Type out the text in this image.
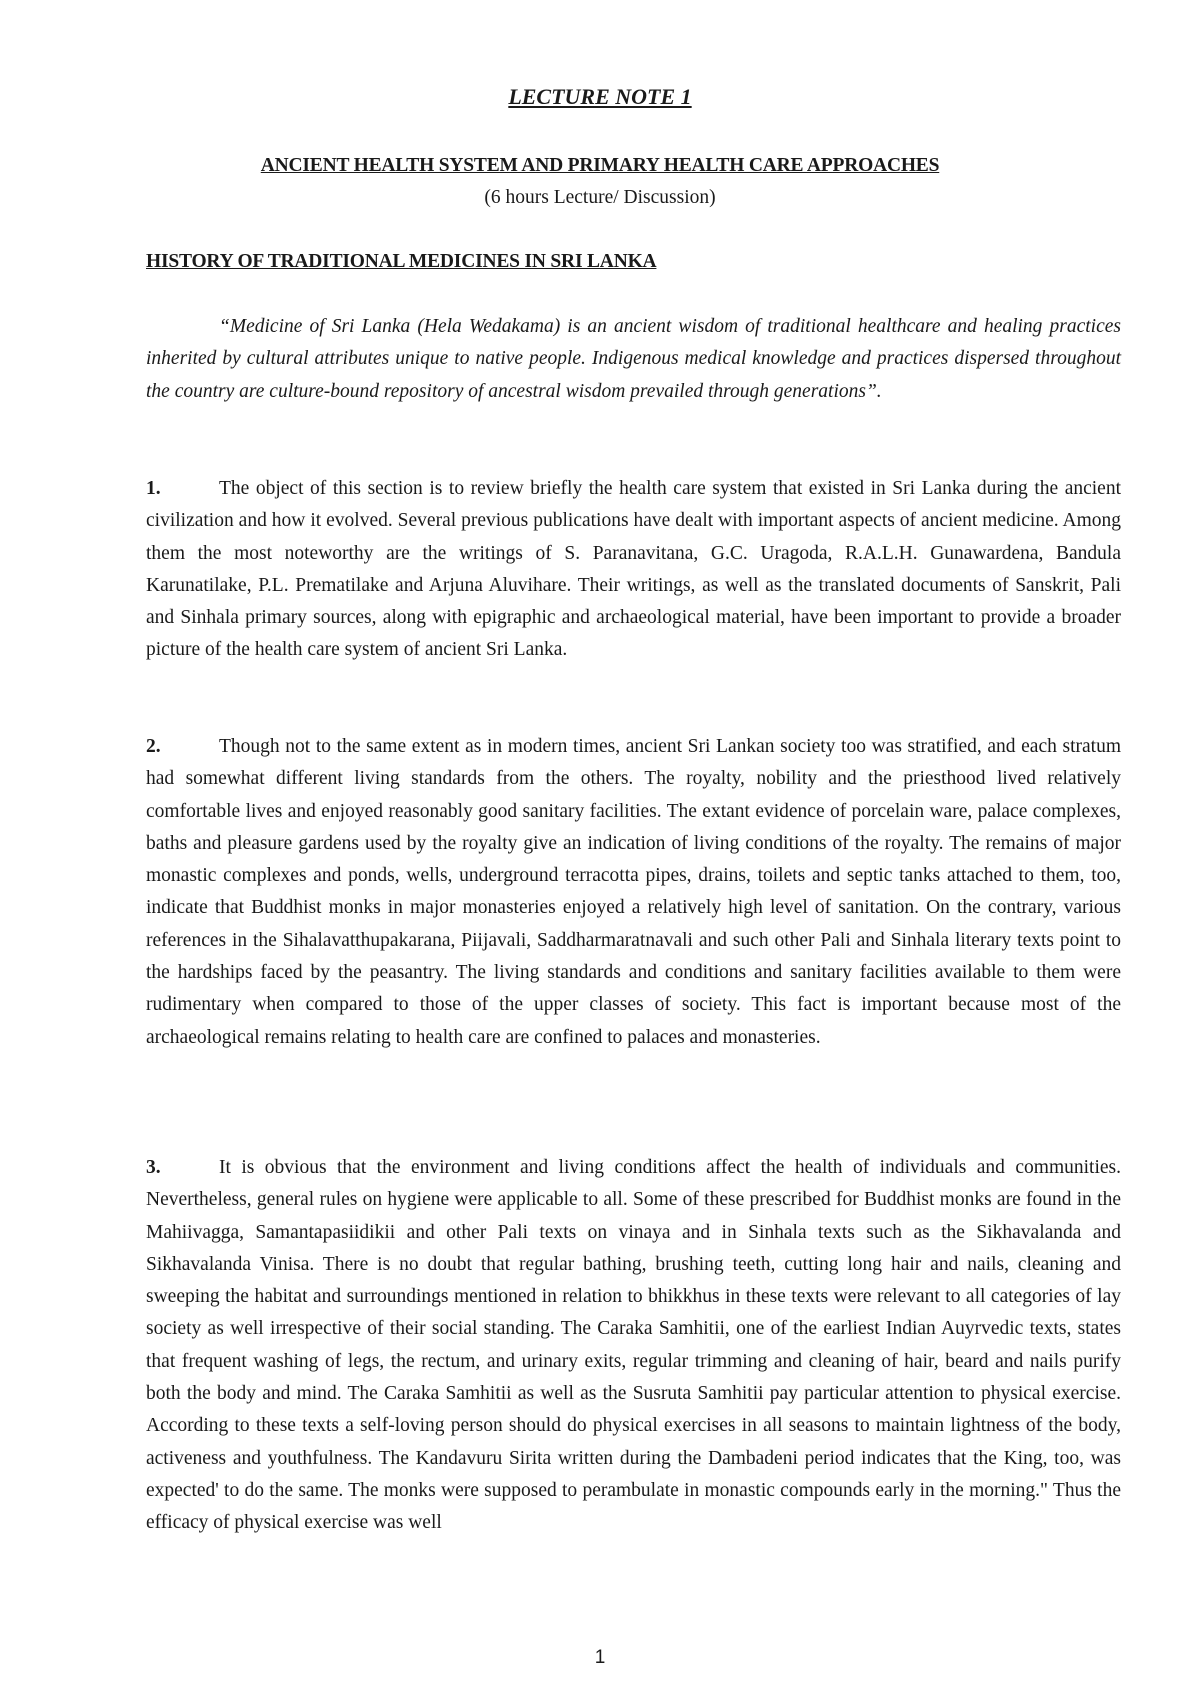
LECTURE NOTE 1
ANCIENT HEALTH SYSTEM AND PRIMARY HEALTH CARE APPROACHES

(6 hours Lecture/ Discussion)

HISTORY OF TRADITIONAL MEDICINES IN SRI LANKA

“Medicine of Sri Lanka (Hela Wedakama) is an ancient wisdom of traditional healthcare and healing practices inherited by cultural attributes unique to native people. Indigenous medical knowledge and practices dispersed throughout the country are culture-bound repository of ancestral wisdom prevailed through generations”.

1.	The object of this section is to review briefly the health care system that existed in Sri Lanka during the ancient civilization and how it evolved. Several previous publications have dealt with important aspects of ancient medicine. Among them the most noteworthy are the writings of S. Paranavitana, G.C. Uragoda, R.A.L.H. Gunawardena, Bandula Karunatilake, P.L. Prematilake and Arjuna Aluvihare. Their writings, as well as the translated documents of Sanskrit, Pali and Sinhala primary sources, along with epigraphic and archaeological material, have been important to provide a broader picture of the health care system of ancient Sri Lanka.

2.	Though not to the same extent as in modern times, ancient Sri Lankan society too was stratified, and each stratum had somewhat different living standards from the others. The royalty, nobility and the priesthood lived relatively comfortable lives and enjoyed reasonably good sanitary facilities. The extant evidence of porcelain ware, palace complexes, baths and pleasure gardens used by the royalty give an indication of living conditions of the royalty. The remains of major monastic complexes and ponds, wells, underground terracotta pipes, drains, toilets and septic tanks attached to them, too, indicate that Buddhist monks in major monasteries enjoyed a relatively high level of sanitation. On the contrary, various references in the Sihalavatthupakarana, Piijavali, Saddharmaratnavali and such other Pali and Sinhala literary texts point to the hardships faced by the peasantry. The living standards and conditions and sanitary facilities available to them were rudimentary when compared to those of the upper classes of society. This fact is important because most of the archaeological remains relating to health care are confined to palaces and monasteries.

3.	It is obvious that the environment and living conditions affect the health of individuals and communities. Nevertheless, general rules on hygiene were applicable to all. Some of these prescribed for Buddhist monks are found in the Mahiivagga, Samantapasiidikii and other Pali texts on vinaya and in Sinhala texts such as the Sikhavalanda and Sikhavalanda Vinisa. There is no doubt that regular bathing, brushing teeth, cutting long hair and nails, cleaning and sweeping the habitat and surroundings mentioned in relation to bhikkhus in these texts were relevant to all categories of lay society as well irrespective of their social standing. The Caraka Samhitii, one of the earliest Indian Auyrvedic texts, states that frequent washing of legs, the rectum, and urinary exits, regular trimming and cleaning of hair, beard and nails purify both the body and mind. The Caraka Samhitii as well as the Susruta Samhitii pay particular attention to physical exercise. According to these texts a self-loving person should do physical exercises in all seasons to maintain lightness of the body, activeness and youthfulness. The Kandavuru Sirita written during the Dambadeni period indicates that the King, too, was expected' to do the same. The monks were supposed to perambulate in monastic compounds early in the morning." Thus the efficacy of physical exercise was well

1
